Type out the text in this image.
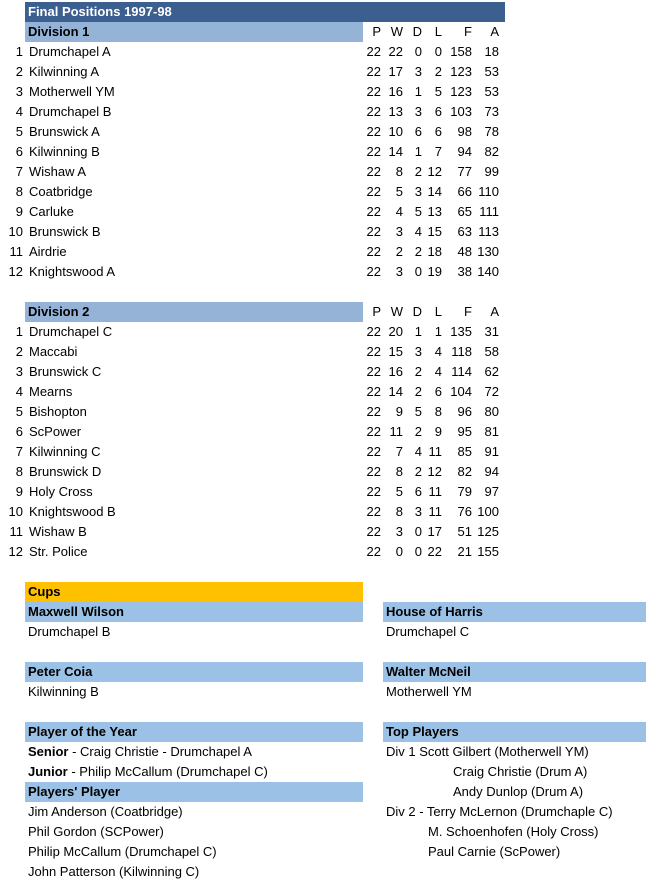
Final Positions 1997-98
Division 1	P W D L	F	A
1 Drumchapel A	22 22 0 0 158 18
2 Kilwinning A	22 17 3 2 123 53
3 Motherwell YM	22 16 1 5 123 53
4 Drumchapel B	22 13 3 6 103 73
5 Brunswick A	22 10 6 6	98 78
6 Kilwinning B	22 14 1 7	94 82
7 Wishaw A	22	8 2 12	77 99
8 Coatbridge	22	5 3 14	66 110
9 Carluke	22	4 5 13	65 111
10 Brunswick B	22	3 4 15	63 113
11 Airdrie	22	2 2 18	48 130
12 Knightswood A	22	3 0 19	38 140
Division 2	P W D L	F	A
1 Drumchapel C	22 20 1 1 135 31
2 Maccabi	22 15 3 4 118 58
3 Brunswick C	22 16 2 4 114 62
4 Mearns	22 14 2 6 104 72
5 Bishopton	22	9 5 8	96 80
6 ScPower	22 11 2 9	95 81
7 Kilwinning C	22	7 4 11	85 91
8 Brunswick D	22	8 2 12	82 94
9 Holy Cross	22	5 6 11	79 97
10 Knightswood B	22	8 3 11	76 100
11 Wishaw B	22	3 0 17	51 125
12 Str. Police	22	0 0 22	21 155
Cups
Maxwell Wilson
Drumchapel B
House of Harris
Drumchapel C
Peter Coia
Kilwinning B
Walter McNeil
Motherwell YM
Player of the Year
Senior - Craig Christie - Drumchapel A
Junior - Philip McCallum (Drumchapel C)
Players' Player
Jim Anderson (Coatbridge)
Phil Gordon (SCPower)
Philip McCallum (Drumchapel C)
John Patterson (Kilwinning C)
Top Players
Div 1 Scott Gilbert (Motherwell YM)
Craig Christie (Drum A)
Andy Dunlop (Drum A)
Div 2 - Terry McLernon (Drumchaple C)
M. Schoenhofen (Holy Cross)
Paul Carnie (ScPower)
